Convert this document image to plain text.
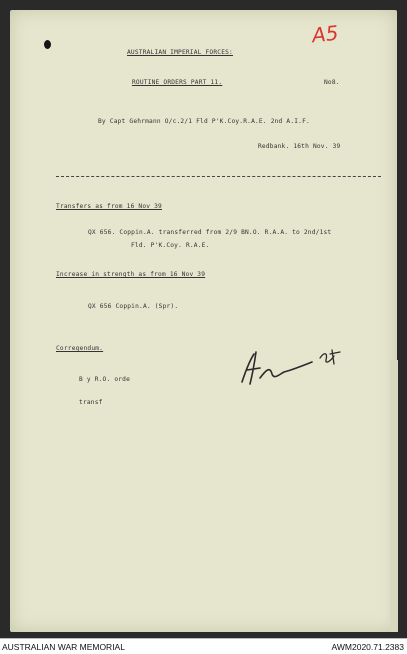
A5
AUSTRALIAN IMPERIAL FORCES:
ROUTINE ORDERS PART 11.	No8.
By Capt Gehrmann O/c.2/1 Fld P'K.Coy.R.A.E. 2nd A.I.F.
Redbank. 16th Nov. 39
Transfers as from 16 Nov 39
QX 656. Coppin.A. transferred from 2/9 BN.O. R.A.A. to 2nd/1st
Fld. P'K.Coy. R.A.E.
Increase in strength as from 16 Nov 39
QX 656 Coppin.A. (Spr).
Corregendum.
B y R.O. orde
transf
AUSTRALIAN WAR MEMORIAL	AWM2020.71.2383
